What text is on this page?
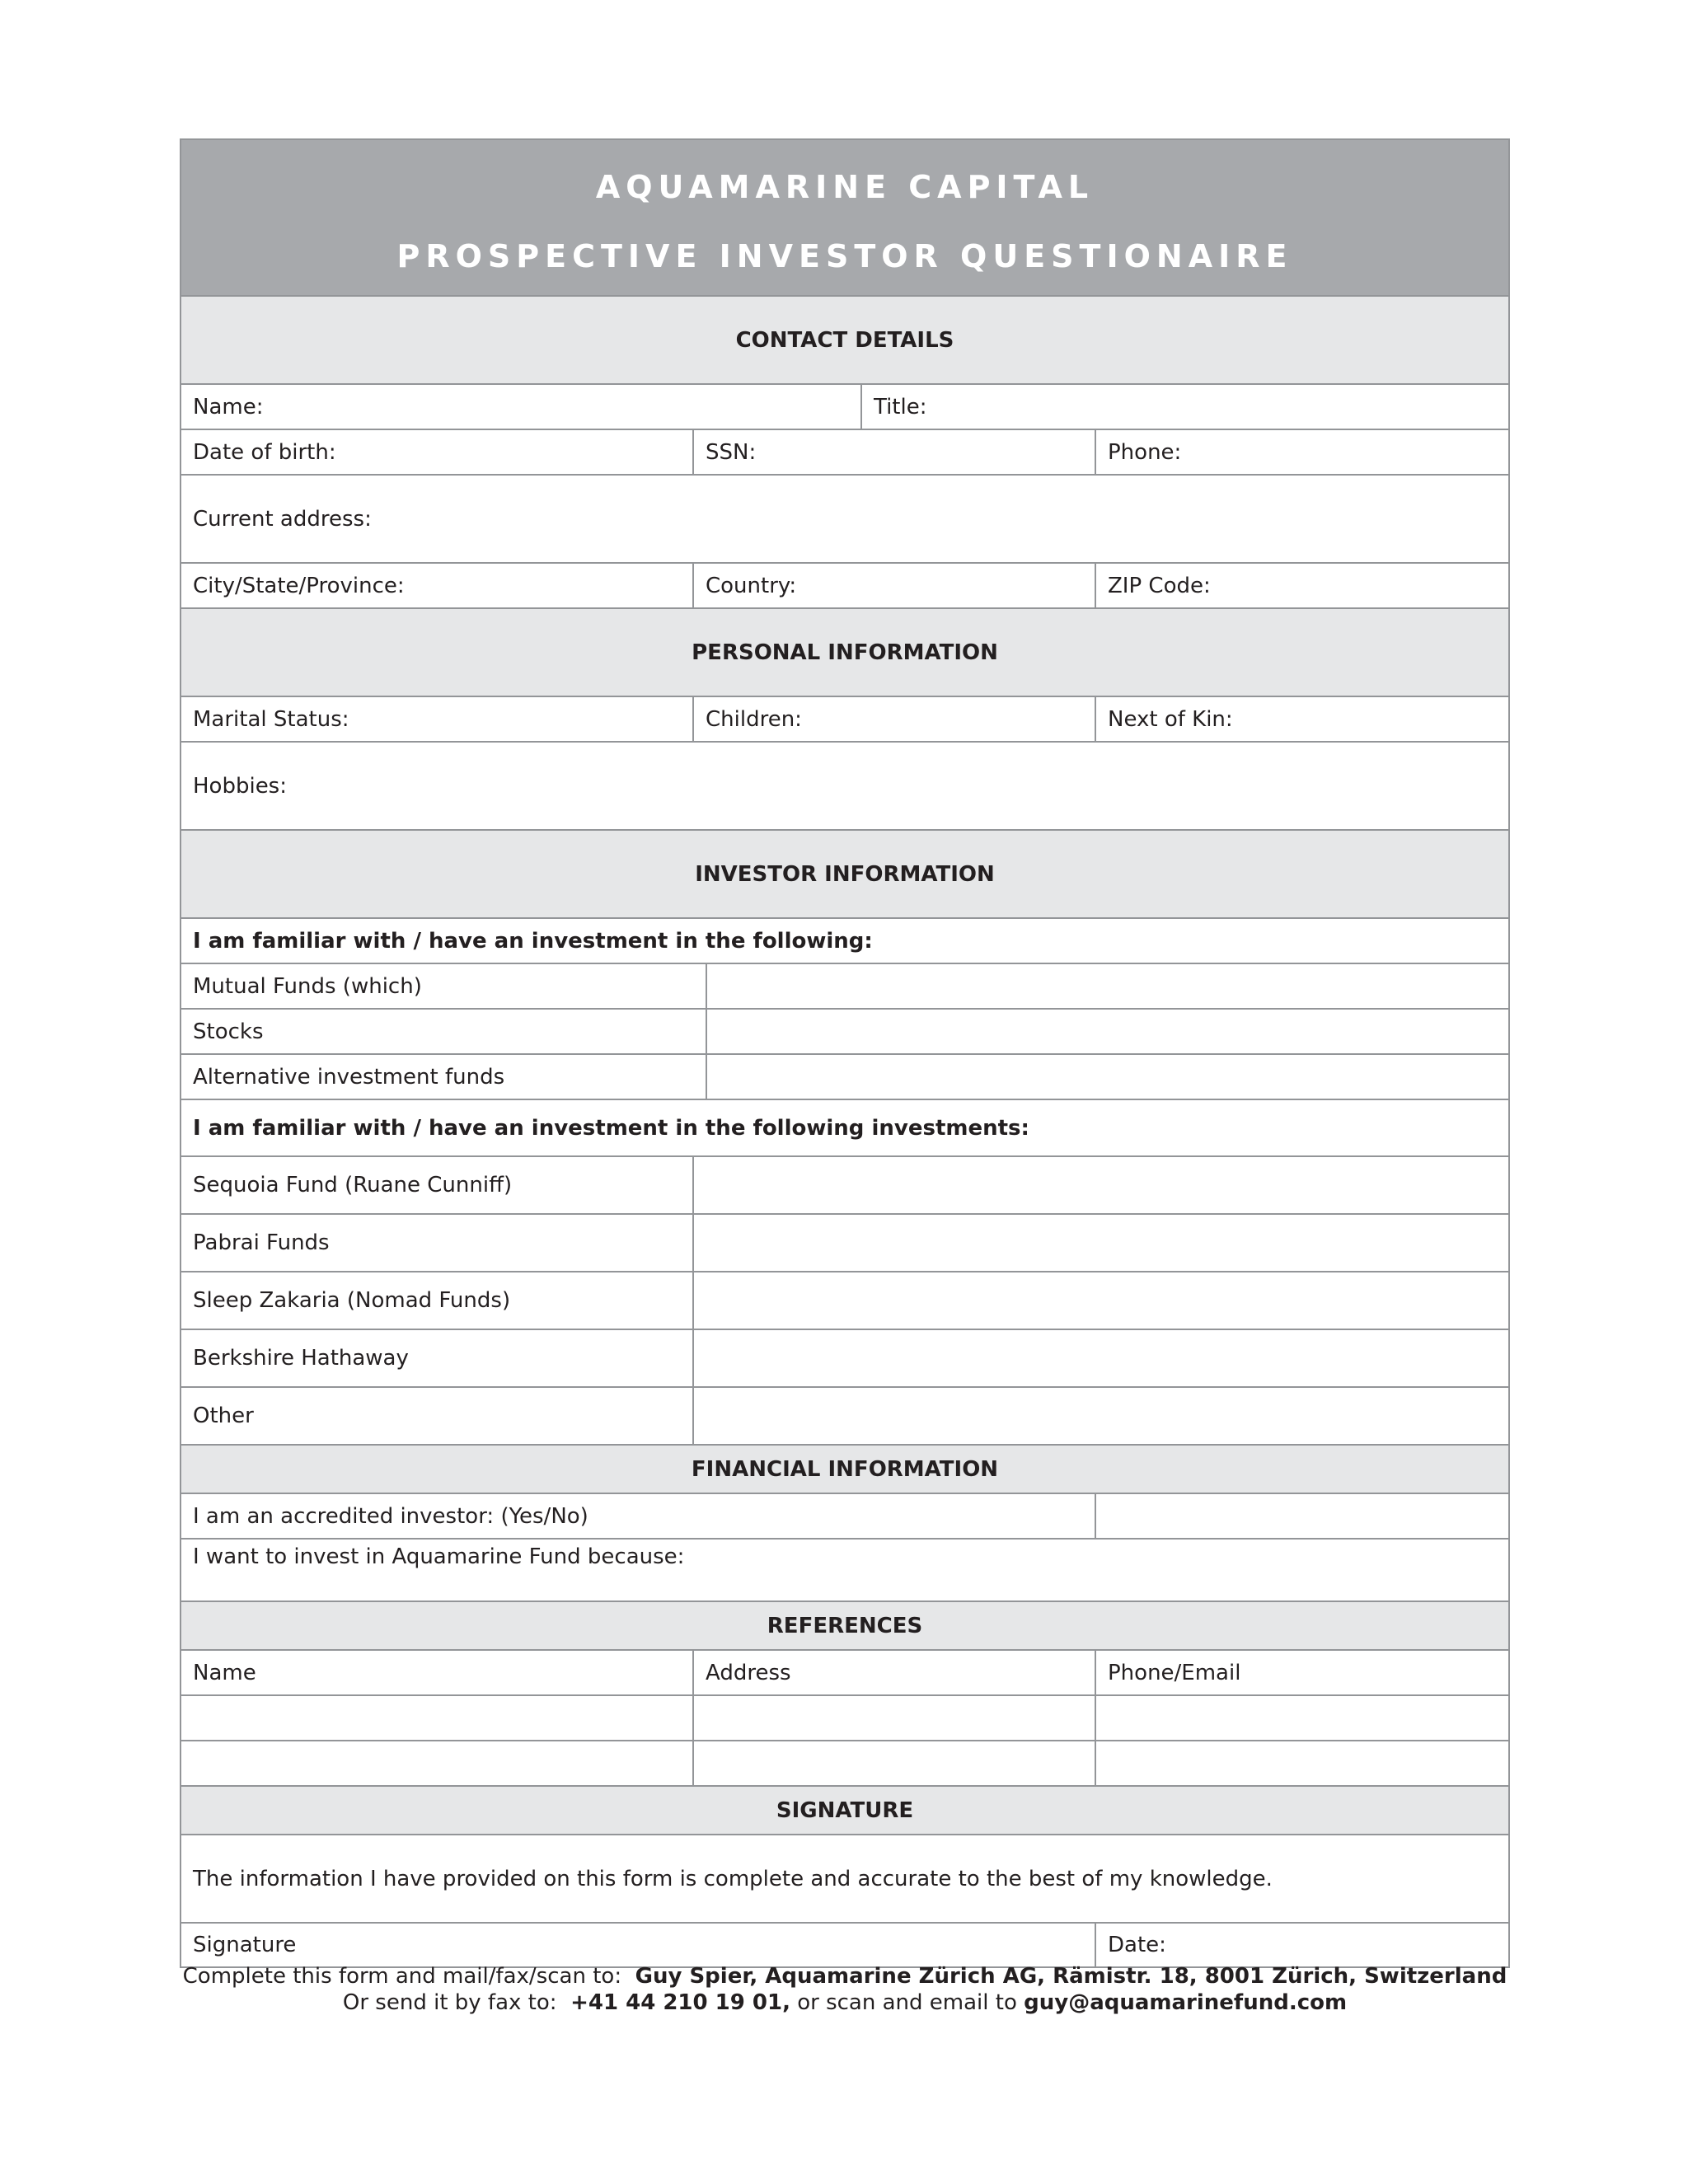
AQUAMARINE CAPITAL
PROSPECTIVE INVESTOR QUESTIONAIRE
CONTACT DETAILS
Name:	Title:
Date of birth:	SSN:	Phone:
Current address:
City/State/Province:	Country:	ZIP Code:
PERSONAL INFORMATION
Marital Status:	Children:	Next of Kin:
Hobbies:
INVESTOR INFORMATION
I am familiar with / have an investment in the following:
Mutual Funds (which)
Stocks
Alternative investment funds
I am familiar with / have an investment in the following investments:
Sequoia Fund (Ruane Cunniff)
Pabrai Funds
Sleep Zakaria (Nomad Funds)
Berkshire Hathaway
Other
FINANCIAL INFORMATION
I am an accredited investor: (Yes/No)
I want to invest in Aquamarine Fund because:
REFERENCES
Name	Address	Phone/Email
SIGNATURE
The information I have provided on this form is complete and accurate to the best of my knowledge.
Signature	Date:
Complete this form and mail/fax/scan to: Guy Spier, Aquamarine Zürich AG, Rämistr. 18, 8001 Zürich, Switzerland
Or send it by fax to: +41 44 210 19 01, or scan and email to guy@aquamarinefund.com
